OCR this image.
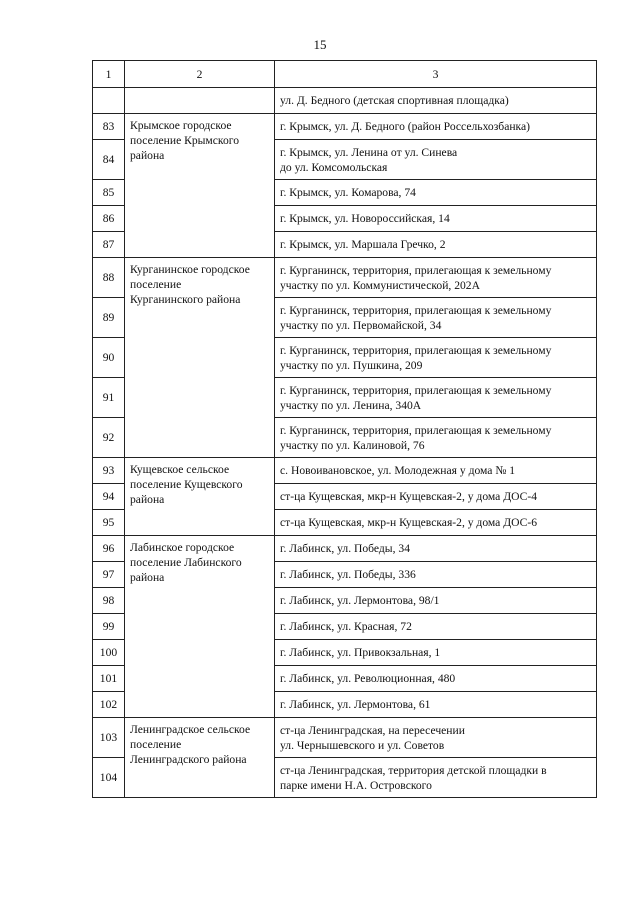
15
1	2	3
		ул. Д. Бедного (детская спортивная площадка)
83	Крымское городское
поселение Крымского
района	г. Крымск, ул. Д. Бедного (район Россельхозбанка)

84		г. Крымск, ул. Ленина от ул. Синева
до ул. Комсомольская

85		г. Крымск, ул. Комарова, 74

86		г. Крымск, ул. Новороссийская, 14

87		г. Крымск, ул. Маршала Гречко, 2

88	Курганинское городское
поселение
Курганинского района	г. Курганинск, территория, прилегающая к земельному
участку по ул. Коммунистической, 202А

89		г. Курганинск, территория, прилегающая к земельному
участку по ул. Первомайской, 34

90		г. Курганинск, территория, прилегающая к земельному
участку по ул. Пушкина, 209

91		г. Курганинск, территория, прилегающая к земельному
участку по ул. Ленина, 340А

92		г. Курганинск, территория, прилегающая к земельному
участку по ул. Калиновой, 76

93	Кущевское сельское
поселение Кущевского
района	с. Новоивановское, ул. Молодежная у дома № 1

94		ст-ца Кущевская, мкр-н Кущевская-2, у дома ДОС-4

95		ст-ца Кущевская, мкр-н Кущевская-2, у дома ДОС-6

96	Лабинское городское
поселение Лабинского
района	г. Лабинск, ул. Победы, 34

97		г. Лабинск, ул. Победы, 336

98		г. Лабинск, ул. Лермонтова, 98/1

99		г. Лабинск, ул. Красная, 72

100		г. Лабинск, ул. Привокзальная, 1

101		г. Лабинск, ул. Революционная, 480

102		г. Лабинск, ул. Лермонтова, 61

103	Ленинградское сельское
поселение
Ленинградского района	ст-ца Ленинградская, на пересечении
ул. Чернышевского и ул. Советов

104		ст-ца Ленинградская, территория детской площадки в
парке имени Н.А. Островского
